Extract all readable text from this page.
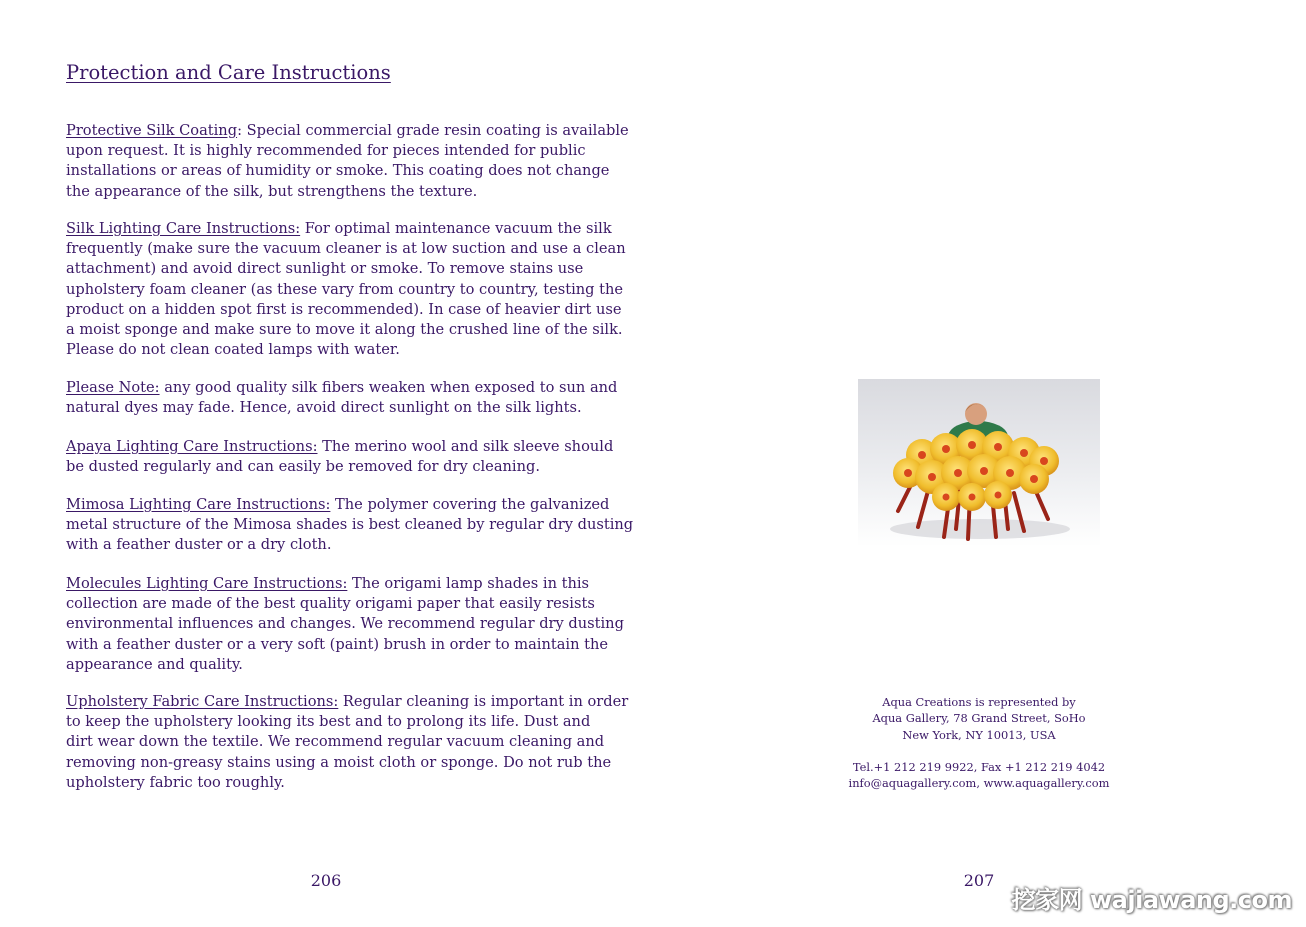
Protection and Care Instructions

Protective Silk Coating: Special commercial grade resin coating is available
upon request. It is highly recommended for pieces intended for public
installations or areas of humidity or smoke. This coating does not change
the appearance of the silk, but strengthens the texture.

Silk Lighting Care Instructions: For optimal maintenance vacuum the silk
frequently (make sure the vacuum cleaner is at low suction and use a clean
attachment) and avoid direct sunlight or smoke. To remove stains use
upholstery foam cleaner (as these vary from country to country, testing the
product on a hidden spot first is recommended). In case of heavier dirt use
a moist sponge and make sure to move it along the crushed line of the silk.
Please do not clean coated lamps with water.

Please Note: any good quality silk fibers weaken when exposed to sun and
natural dyes may fade. Hence, avoid direct sunlight on the silk lights.

Apaya Lighting Care Instructions: The merino wool and silk sleeve should
be dusted regularly and can easily be removed for dry cleaning.

Mimosa Lighting Care Instructions: The polymer covering the galvanized
metal structure of the Mimosa shades is best cleaned by regular dry dusting
with a feather duster or a dry cloth.

Molecules Lighting Care Instructions: The origami lamp shades in this
collection are made of the best quality origami paper that easily resists
environmental influences and changes. We recommend regular dry dusting
with a feather duster or a very soft (paint) brush in order to maintain the
appearance and quality.

Upholstery Fabric Care Instructions: Regular cleaning is important in order
to keep the upholstery looking its best and to prolong its life. Dust and
dirt wear down the textile. We recommend regular vacuum cleaning and
removing non-greasy stains using a moist cloth or sponge. Do not rub the
upholstery fabric too roughly.

206
Aqua Creations is represented by
Aqua Gallery, 78 Grand Street, SoHo
New York, NY 10013, USA
Tel.+1 212 219 9922, Fax +1 212 219 4042
info@aquagallery.com, www.aquagallery.com
207
挖家网 wajiawang.com
